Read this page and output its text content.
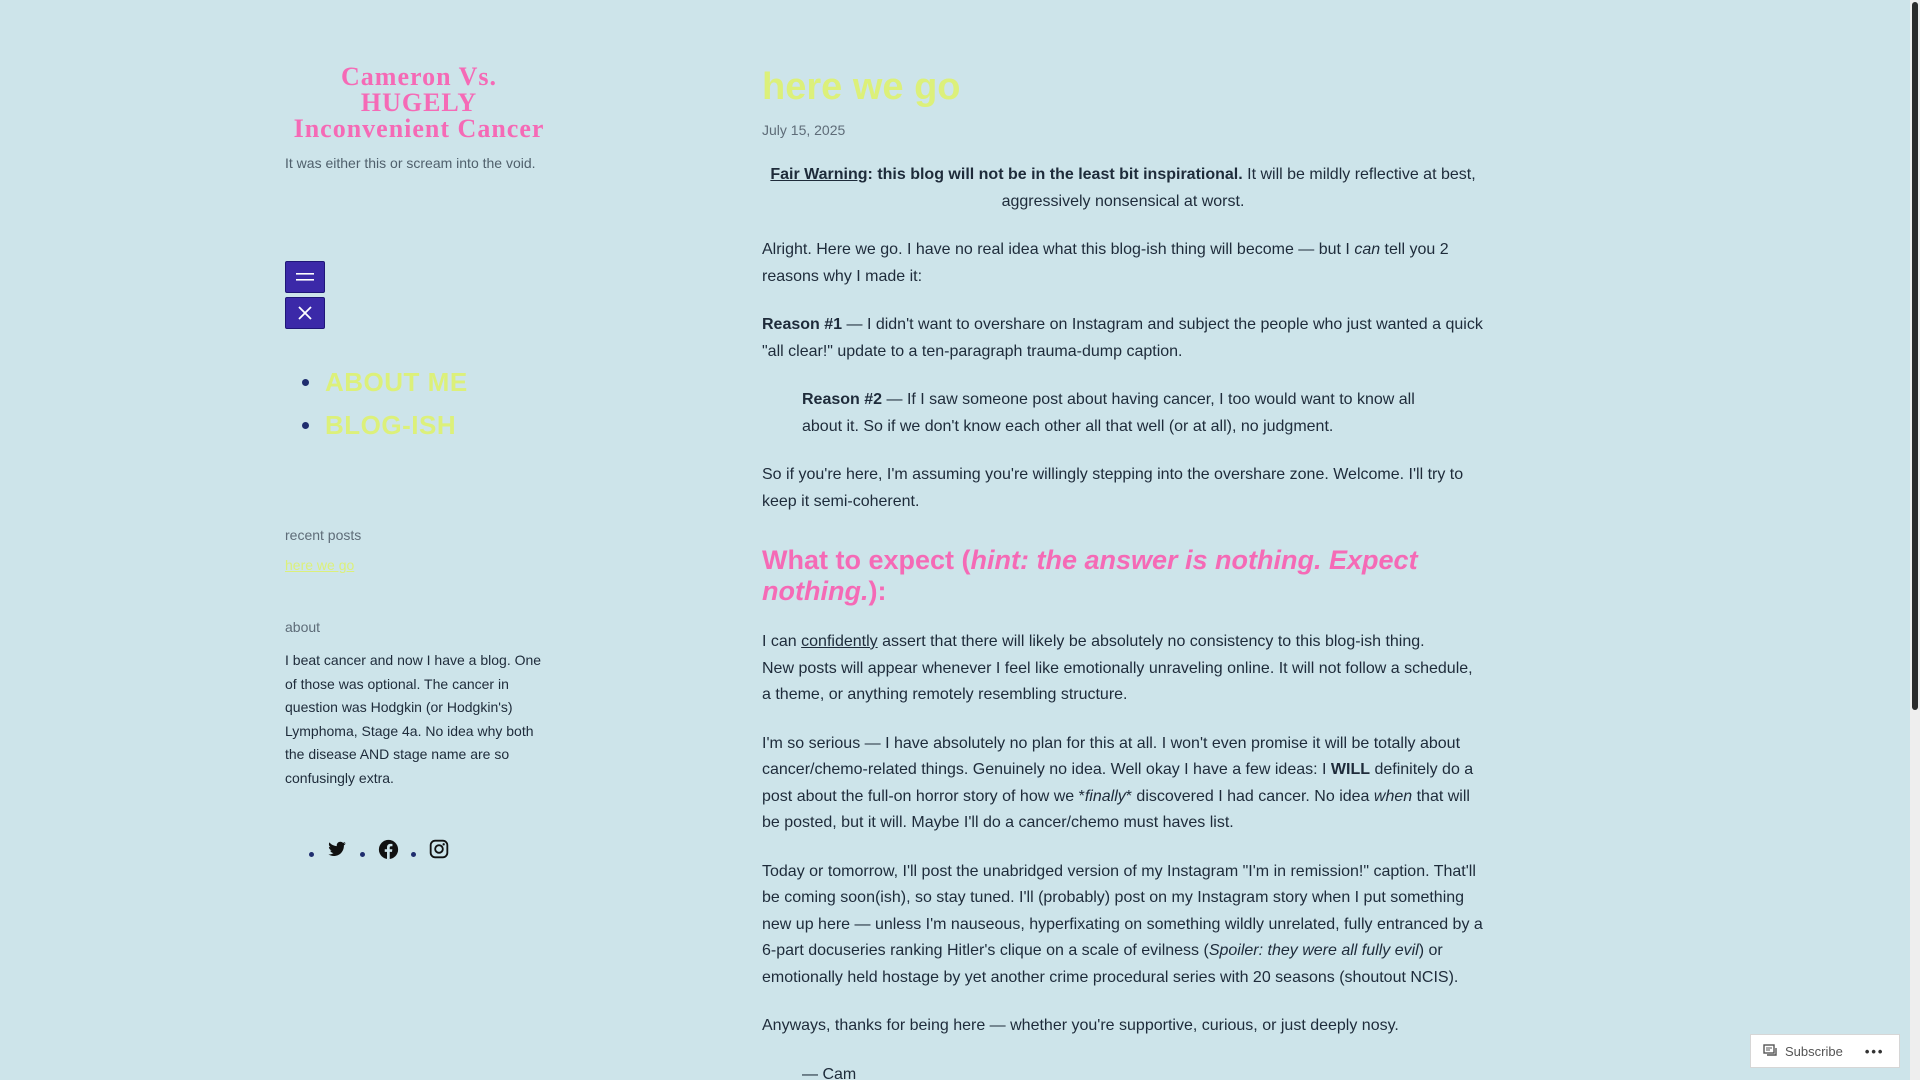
Cameron Vs.
HUGELY
Inconvenient Cancer
It was either this or scream into the void.
ABOUT ME
BLOG-ISH
recent posts
here we go
about
I beat cancer and now I have a blog. One of those was optional. The cancer in question was Hodgkin (or Hodgkin's) Lymphoma, Stage 4a. No idea why both the disease AND stage name are so confusingly extra.
here we go
July 15, 2025

Fair Warning: this blog will not be in the least bit inspirational. It will be mildly reflective at best, aggressively nonsensical at worst.

Alright. Here we go. I have no real idea what this blog-ish thing will become — but I can tell you 2 reasons why I made it:

Reason #1 — I didn't want to overshare on Instagram and subject the people who just wanted a quick "all clear!" update to a ten-paragraph trauma-dump caption.

Reason #2 — If I saw someone post about having cancer, I too would want to know all about it. So if we don't know each other all that well (or at all), no judgment.

So if you're here, I'm assuming you're willingly stepping into the overshare zone. Welcome. I'll try to keep it semi-coherent.

What to expect (hint: the answer is nothing. Expect nothing.):

I can confidently assert that there will likely be absolutely no consistency to this blog-ish thing.
New posts will appear whenever I feel like emotionally unraveling online. It will not follow a schedule, a theme, or anything remotely resembling structure.

I'm so serious — I have absolutely no plan for this at all. I won't even promise it will be totally about cancer/chemo-related things. Genuinely no idea. Well okay I have a few ideas: I WILL definitely do a post about the full-on horror story of how we *finally* discovered I had cancer. No idea when that will be posted, but it will. Maybe I'll do a cancer/chemo must haves list.

Today or tomorrow, I'll post the unabridged version of my Instagram "I'm in remission!" caption. That'll be coming soon(ish), so stay tuned. I'll (probably) post on my Instagram story when I put something new up here — unless I'm nauseous, hyperfixating on something wildly unrelated, fully entranced by a 6-part docuseries ranking Hitler's clique on a scale of evilness (Spoiler: they were all fully evil) or emotionally held hostage by yet another crime procedural series with 20 seasons (shoutout NCIS).

Anyways, thanks for being here — whether you're supportive, curious, or just deeply nosy.

— Cam

Subscribe •••
